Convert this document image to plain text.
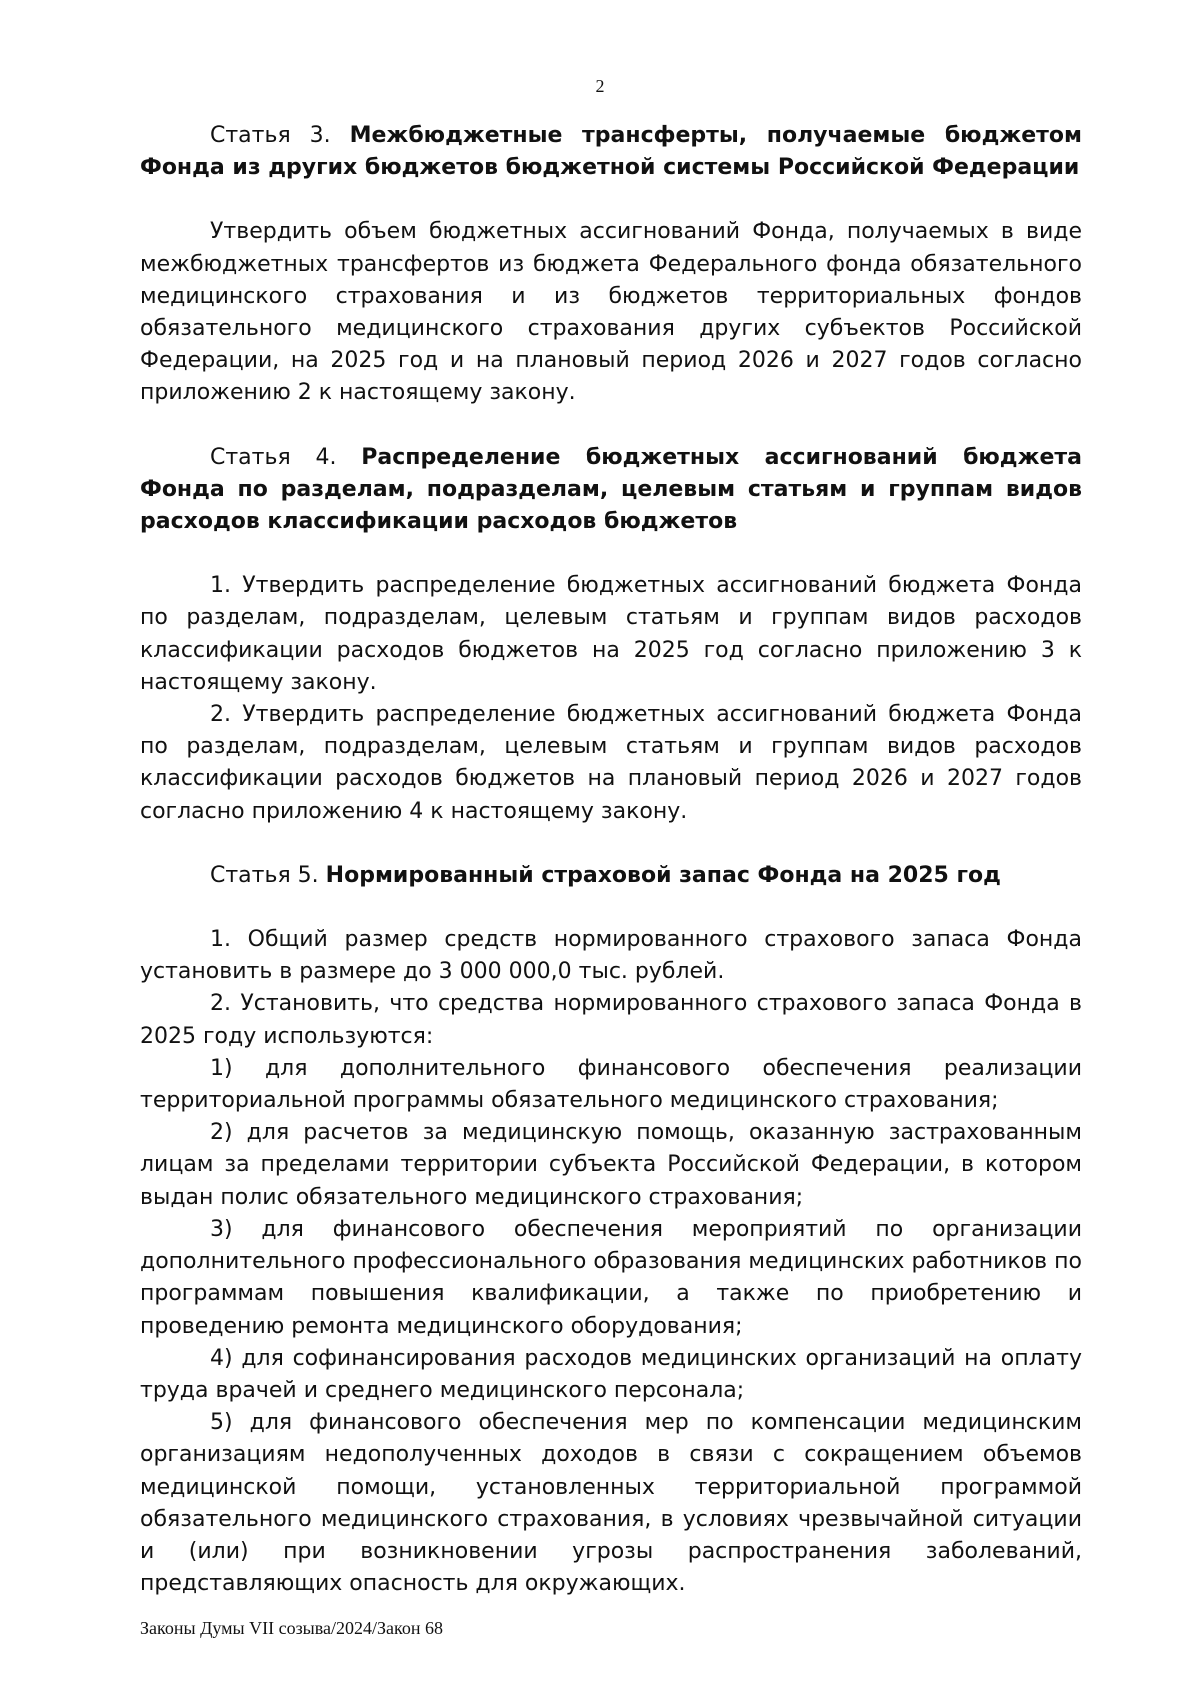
2

Статья 3. Межбюджетные трансферты, получаемые бюджетом Фонда из других бюджетов бюджетной системы Российской Федерации

Утвердить объем бюджетных ассигнований Фонда, получаемых в виде межбюджетных трансфертов из бюджета Федерального фонда обязательного медицинского страхования и из бюджетов территориальных фондов обязательного медицинского страхования других субъектов Российской Федерации, на 2025 год и на плановый период 2026 и 2027 годов согласно приложению 2 к настоящему закону.

Статья 4. Распределение бюджетных ассигнований бюджета Фонда по разделам, подразделам, целевым статьям и группам видов расходов классификации расходов бюджетов

1. Утвердить распределение бюджетных ассигнований бюджета Фонда по разделам, подразделам, целевым статьям и группам видов расходов классификации расходов бюджетов на 2025 год согласно приложению 3 к настоящему закону.

2. Утвердить распределение бюджетных ассигнований бюджета Фонда по разделам, подразделам, целевым статьям и группам видов расходов классификации расходов бюджетов на плановый период 2026 и 2027 годов согласно приложению 4 к настоящему закону.

Статья 5. Нормированный страховой запас Фонда на 2025 год

1. Общий размер средств нормированного страхового запаса Фонда установить в размере до 3 000 000,0 тыс. рублей.

2. Установить, что средства нормированного страхового запаса Фонда в 2025 году используются:

1) для дополнительного финансового обеспечения реализации территориальной программы обязательного медицинского страхования;

2) для расчетов за медицинскую помощь, оказанную застрахованным лицам за пределами территории субъекта Российской Федерации, в котором выдан полис обязательного медицинского страхования;

3) для финансового обеспечения мероприятий по организации дополнительного профессионального образования медицинских работников по программам повышения квалификации, а также по приобретению и проведению ремонта медицинского оборудования;

4) для софинансирования расходов медицинских организаций на оплату труда врачей и среднего медицинского персонала;

5) для финансового обеспечения мер по компенсации медицинским организациям недополученных доходов в связи с сокращением объемов медицинской помощи, установленных территориальной программой обязательного медицинского страхования, в условиях чрезвычайной ситуации и (или) при возникновении угрозы распространения заболеваний, представляющих опасность для окружающих.

Законы Думы VII созыва/2024/Закон 68
